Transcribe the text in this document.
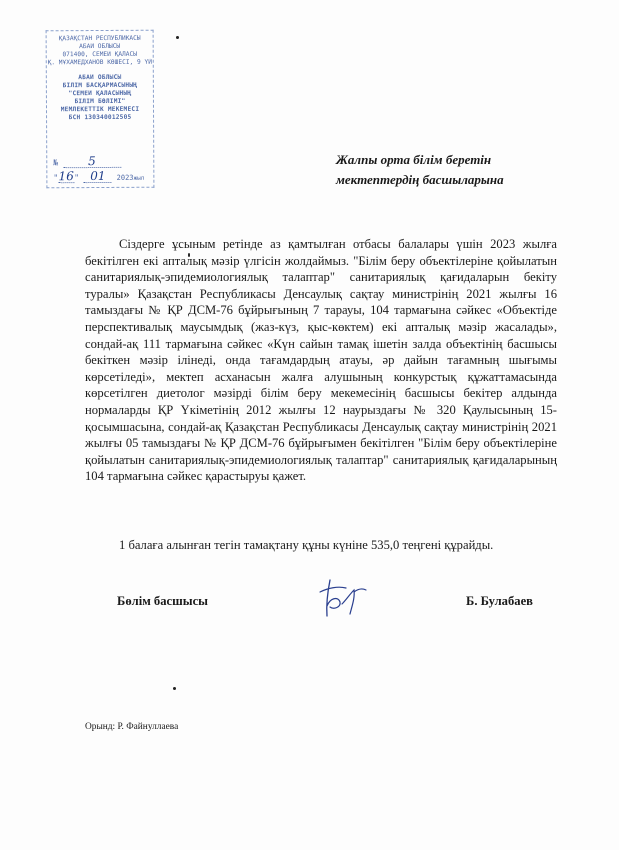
ҚАЗАҚСТАН РЕСПУБЛИКАСЫ
АБАЙ ОБЛЫСЫ
071400, СЕМЕЙ ҚАЛАСЫ
Қ. МҰХАМЕДХАНОВ КӨШЕСІ, 9 ҮЙ
АБАЙ ОБЛЫСЫ
БІЛІМ БАСҚАРМАСЫНЫҢ
"СЕМЕЙ ҚАЛАСЫНЫҢ
БІЛІМ БӨЛІМІ"
МЕМЛЕКЕТТІК МЕКЕМЕСІ
БСН 130340012505
№ 5
"16" 01 2023жыл
Жалпы орта білім беретін
мектептердің басшыларына
Сіздерге ұсыным ретінде аз қамтылған отбасы балалары үшін 2023 жылға бекітілген екі апталық мәзір үлгісін жолдаймыз. "Білім беру объектілеріне қойылатын санитариялық-эпидемиологиялық талаптар" санитариялық қағидаларын бекіту туралы» Қазақстан Республикасы Денсаулық сақтау министрінің 2021 жылғы 16 тамыздағы № ҚР ДСМ-76 бұйрығының 7 тарауы, 104 тармағына сәйкес «Объектіде перспективалық маусымдық (жаз-күз, қыс-көктем) екі апталық мәзір жасалады», сондай-ақ 111 тармағына сәйкес «Күн сайын тамақ ішетін залда объектінің басшысы бекіткен мәзір ілінеді, онда тағамдардың атауы, әр дайын тағамның шығымы көрсетіледі», мектеп асханасын жалға алушының конкурстық құжаттамасында көрсетілген диетолог мәзірді білім беру мекемесінің басшысы бекітер алдында нормаларды ҚР Үкіметінің 2012 жылғы 12 наурыздағы № 320 Қаулысының 15-қосымшасына, сондай-ақ Қазақстан Республикасы Денсаулық сақтау министрінің 2021 жылғы 05 тамыздағы № ҚР ДСМ-76 бұйрығымен бекітілген "Білім беру объектілеріне қойылатын санитариялық-эпидемиологиялық талаптар" санитариялық қағидаларының 104 тармағына сәйкес қарастыруы қажет.
1 балаға алынған тегін тамақтану құны күніне 535,0 теңгені құрайды.
Бөлім басшысы	Б. Булабаев
Орынд: Р. Файнуллаева
